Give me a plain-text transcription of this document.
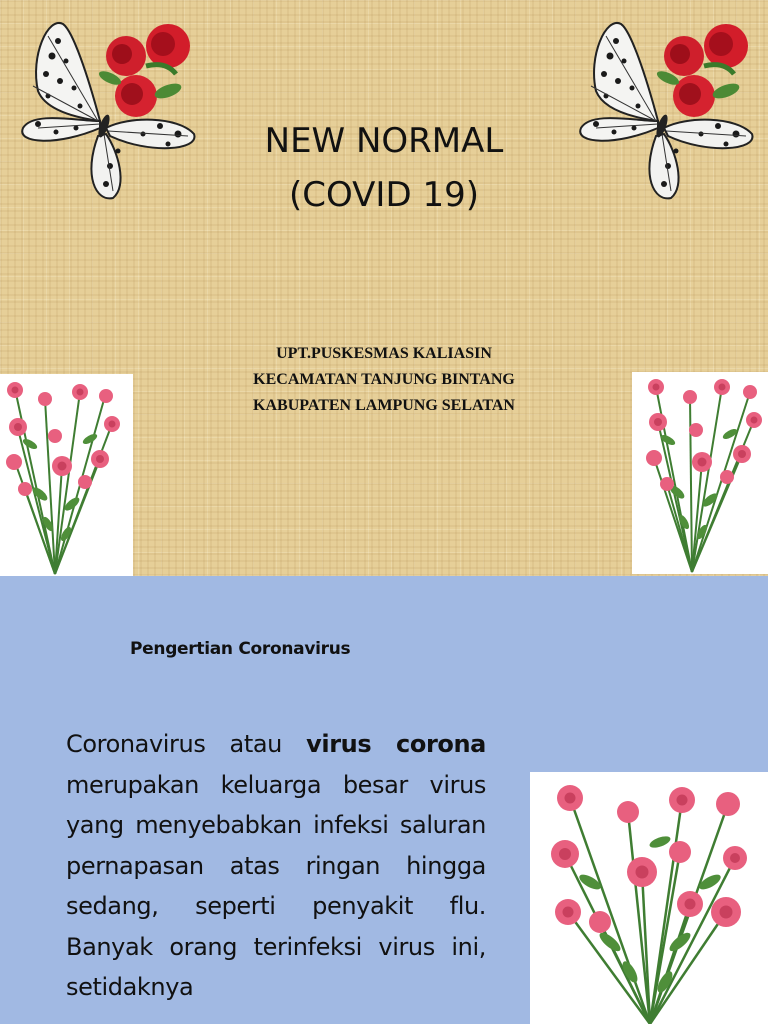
NEW NORMAL
(COVID 19)
UPT.PUSKESMAS KALIASIN
KECAMATAN TANJUNG BINTANG
KABUPATEN LAMPUNG SELATAN
Pengertian Coronavirus
Coronavirus atau virus corona merupakan keluarga besar virus yang menyebabkan infeksi saluran pernapasan atas ringan hingga sedang, seperti penyakit flu. Banyak orang terinfeksi virus ini, setidaknya
